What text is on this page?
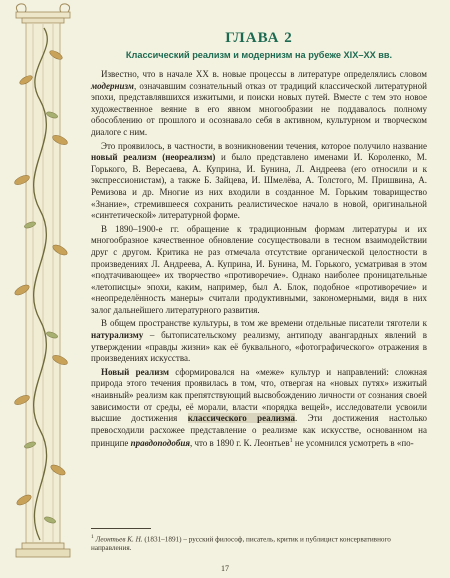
ГЛАВА 2
Классический реализм и модернизм на рубеже XIX–XX вв.

Известно, что в начале XX в. новые процессы в литературе определялись словом модернизм, означавшим сознательный отказ от традиций классической литературной эпохи, представлявшихся изжитыми, и поиски новых путей. Вместе с тем это новое художественное веяние в его явном многообразии не поддавалось полному обособлению от прошлого и осознавало себя в активном, культурном и творческом диалоге с ним.

Это проявилось, в частности, в возникновении течения, которое получило название новый реализм (неореализм) и было представлено именами И. Корoленко, М. Горького, В. Вересаева, А. Куприна, И. Бунина, Л. Андреева (его относили и к экспрессионистам), а также Б. Зайцева, И. Шмелёва, А. Толстого, М. Пришвина, А. Ремизова и др. Многие из них входили в созданное М. Горьким товарищество «Знание», стремившееся сохранить реалистическое начало в новой, оригинальной «синтетической» литературной форме.

В 1890–1900-е гг. обращение к традиционным формам литературы и их многообразное качественное обновление сосуществовали в тесном взаимодействии друг с другом. Критика не раз отмечала отсутствие органической целостности в произведениях Л. Андреева, А. Куприна, И. Бунина, М. Горького, усматривая в этом «подтачивающее» их творчество «противоречие». Однако наиболее проницательные «летописцы» эпохи, каким, например, был А. Блок, подобное «противоречие» и «неопределённость манеры» считали продуктивными, закономерными, видя в них залог дальнейшего литературного развития.

В общем пространстве культуры, в том же времени отдельные писатели тяготели к натурализму – бытописательскому реализму, антиподу авангардных явлений в утверждении «правды жизни» как её буквального, «фотографического» отражения в произведениях искусства.

Новый реализм сформировался на «меже» культур и направлений: сложная природа этого течения проявилась в том, что, отвергая на «новых путях» изжитый «наивный» реализм как препятствующий высвобождению личности от сознания своей зависимости от среды, её морали, власти «порядка вещей», исследователи усвоили высшие достижения классического реализма. Эти достижения настолько превосходили расхожее представление о реализме как искусстве, основанном на принципе правдоподобия, что в 1890 г. К. Леонтьев$^1$ не усомнился усмотреть в «по-

$^1$ Леонтьев К. Н. (1831–1891) – русский философ, писатель, критик и публицист консервативного направления.
17
